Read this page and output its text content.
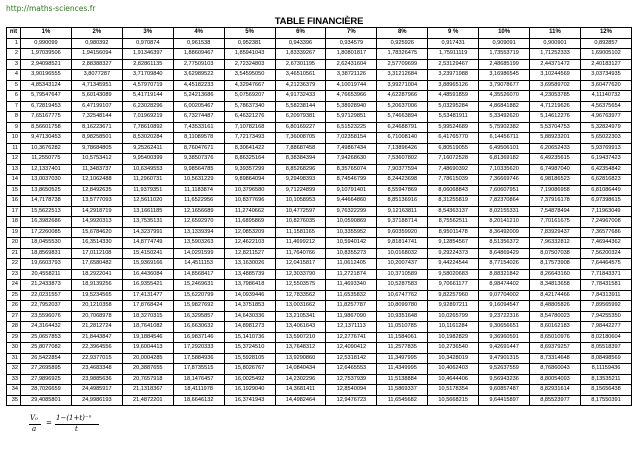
http://maths-sciences.fr
TABLE FINANCIÈRE
n\t	1%	2%	3%	4%	5%	6%	7%	8%	9 %	10%	11%	12%
1	0,990099	0,980392	0,970874	0,961538	0,952381	0,943396	0,934579	0,925926	0,917431	0,909091	0,900901	0,892857
2	1,97039506	1,94156094	1,91346397	1,88609467	1,85941043	1,83339267	1,80801817	1,78326475	1,75911119	1,73553719	1,71252333	1,69005102
3	2,94098521	2,88388327	2,82861135	2,77509103	2,72324803	2,67301195	2,62431604	2,57709699	2,53129467	2,48685199	2,44371472	2,40183127
4	3,90196555	3,8077287	3,71709840	3,62989522	3,54595050	3,46510561	3,38721126	3,31212684	3,23971988	3,16986545	3,10244569	3,03734935
5	4,85343124	4,71345951	4,57970719	4,45182233	4,32947667	4,21236379	4,10019744	3,99271004	3,88965126	3,79078677	3,69589702	3,60477620
6	5,79547647	5,60143089	5,41719144	5,24213686	5,07569207	4,91732433	4,76653966	4,62287966	4,48591859	4,35526070	4,23053785	4,11140732
7	6,72819453	6,47199107	6,23028296	6,00205467	5,78637340	5,58238144	5,38928940	5,20637006	5,03295284	4,86841882	4,71219626	4,56375654
8	7,65167775	7,32548144	7,01969219	6,73274487	6,46321276	6,20979381	5,97129851	5,74663894	5,53481911	5,33492620	5,14612276	4,96763977
9	8,56601758	8,16223671	7,78610892	7,43533161	7,10782168	6,80169227	6,51523225	6,24688791	5,99524689	5,75902382	5,53704753	5,32824979
10	9,47130453	8,98258501	8,53020284	8,11089578	7,72173493	7,36008705	7,02358154	6,71008140	6,41765770	6,14456711	5,88923201	5,65022303
11	10,3676282	9,78684805	9,25262411	8,76047671	8,30641422	7,88687458	7,49867434	7,13896426	6,80519055	6,49506101	6,20652433	5,93769913
12	11,2550775	10,5753412	9,95400399	9,38507376	8,86325164	8,38384394	7,94268630	7,53607802	7,16072528	6,81369182	6,49235615	6,19437423
13	12,1337401	11,3483737	10,6349553	9,98564785	9,39357299	8,85268296	8,35765074	7,90377594	7,48690392	7,10335620	6,74987040	6,42354842
14	13,0037030	12,1062488	11,2960731	10,5631229	9,89864094	9,29498393	8,74546799	8,24423698	7,78615039	7,36669746	6,98186523	6,62816823
15	13,8650525	12,8492635	11,9379351	11,1183874	10,3796580	9,71224899	9,10791401	8,55947869	8,06068843	7,60607951	7,19086958	6,81086449
16	14,7178738	13,5777093	12,5611020	11,6522956	10,8377696	10,1058953	9,44664860	8,85136916	8,31255819	7,82370864	7,37916178	6,97398615
17	15,5622513	14,2918719	13,1661185	12,1656689	11,2740662	10,4772597	9,76322299	9,12163811	8,54363137	8,02155331	7,54878494	7,11963049
18	16,3982686	14,9920313	13,7535131	12,6592970	11,6895869	10,8276035	10,0590869	9,37188714	8,75562511	8,20141210	7,70161675	7,24967008
19	17,2260085	15,6784620	14,3237991	13,1339394	12,0853209	11,1581165	10,3355952	9,60359920	8,95011478	8,36492009	7,83929437	7,36577686
20	18,0455530	16,3514330	14,8774749	13,5903263	12,4622103	11,4699212	10,5940142	9,81814741	9,12854567	8,51356372	7,96332812	7,46944362
21	18,8569831	17,0112108	15,4150241	14,0291599	12,8211527	11,7640766	10,8355273	10,0168032	9,29224373	8,64869429	8,07507038	7,56200324
22	19,6603793	17,6580482	15,9369166	14,4511153	13,1630026	12,0415817	11,0612405	10,2007437	9,44224544	8,77154026	8,17573908	7,64464575
23	20,4558211	18,2922041	16,4436084	14,8568417	13,4885739	12,3033790	11,2721874	10,3710589	9,58020683	8,88321842	8,26643160	7,71843371
24	21,2433873	18,9139256	16,9355421	15,2469631	13,7986418	12,5503575	11,4693340	10,5287583	9,70661177	8,98474402	8,34813658	7,78431581
25	22,0231557	19,5234565	17,4131477	15,6220799	14,0939446	12,7833562	11,6535832	10,6747762	9,82257960	9,07704002	8,42174466	7,84313911
26	22,7952037	20,1210358	17,8768424	15,9827692	14,3751853	13,0031662	11,8257787	10,8099780	9,92897211	9,16094547	8,48805826	7,89565992
27	23,5596076	20,7068978	18,3270315	16,3295857	14,6430336	13,2105341	11,9867090	10,9351648	10,0265799	9,23722316	8,54780023	7,94255350
28	24,3164432	21,2812724	18,7641082	16,6630632	14,8981273	13,4061643	12,1371113	11,0510785	10,1161284	9,30656651	8,60162183	7,98442277
29	25,0657853	21,8443847	19,1884546	16,9837146	15,1410736	13,5907210	12,2776741	11,1584061	10,1982829	9,36960591	8,65010976	8,02180604
30	25,8077082	22,3964556	19,6004413	17,2920333	15,3724510	13,7648312	12,4090412	11,2577835	10,2736540	9,42691447	8,69379257	8,05518397
31	26,5422854	22,9377015	20,0004285	17,5884936	15,5928105	13,9290860	12,5318142	11,3497995	10,3428019	9,47901315	8,73314648	8,08498569
32	27,2695895	23,4683348	20,3887655	17,8735515	15,8026767	14,0840434	12,6465553	11,4349995	10,4062403	9,52637559	8,76860043	8,11159436
33	27,9896925	23,9885636	20,7657918	18,1476457	16,0025492	14,2302296	12,7537939	11,5138884	10,4644406	9,56943236	8,80054093	8,13535211
34	28,7026659	24,4985917	21,1318367	18,4111978	16,1929040	14,3681411	12,8540094	11,5869337	10,5178354	9,60857487	8,82931614	8,15656438
35	29,4085801	24,9986193	21,4872201	18,6646132	16,3741943	14,4982464	12,9476723	11,6545682	10,5668215	9,64415897	8,85523977	8,17550391
V₀
a
=
1−(1+t)⁻ⁿ
t
